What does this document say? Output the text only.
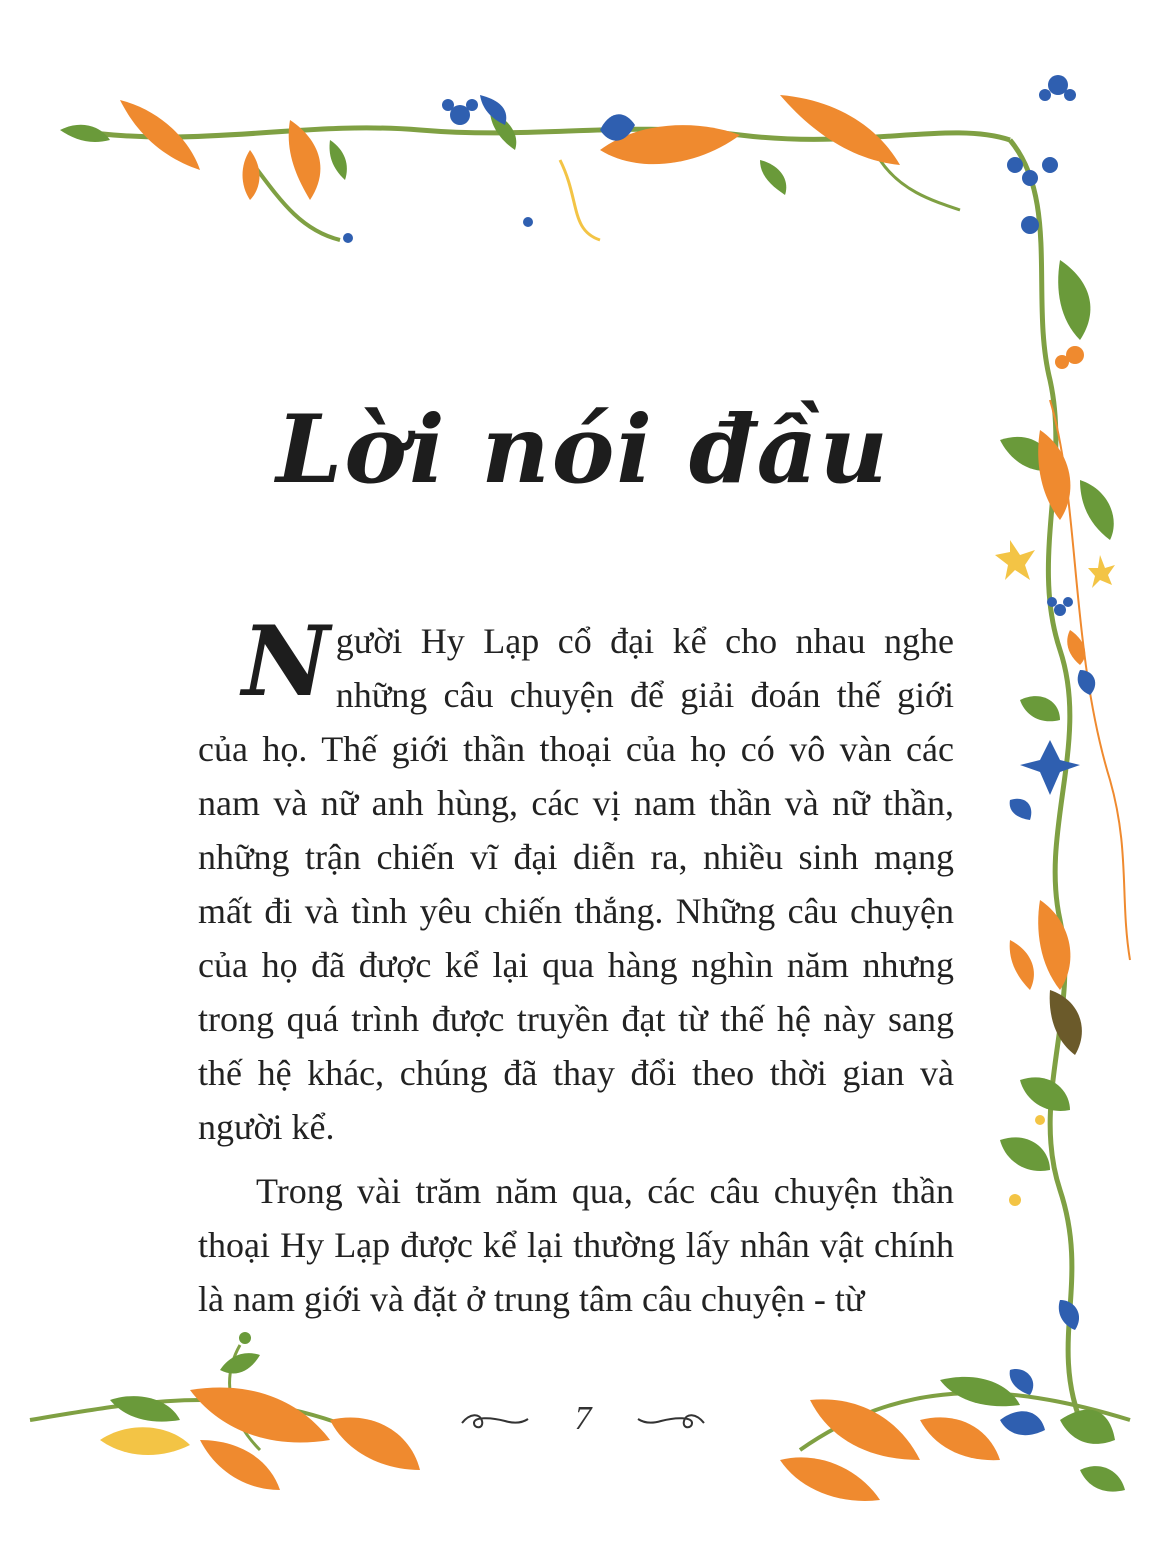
Lời nói đầu

Người Hy Lạp cổ đại kể cho nhau nghe những câu chuyện để giải đoán thế giới của họ. Thế giới thần thoại của họ có vô vàn các nam và nữ anh hùng, các vị nam thần và nữ thần, những trận chiến vĩ đại diễn ra, nhiều sinh mạng mất đi và tình yêu chiến thắng. Những câu chuyện của họ đã được kể lại qua hàng nghìn năm nhưng trong quá trình được truyền đạt từ thế hệ này sang thế hệ khác, chúng đã thay đổi theo thời gian và người kể.

Trong vài trăm năm qua, các câu chuyện thần thoại Hy Lạp được kể lại thường lấy nhân vật chính là nam giới và đặt ở trung tâm câu chuyện - từ

7
